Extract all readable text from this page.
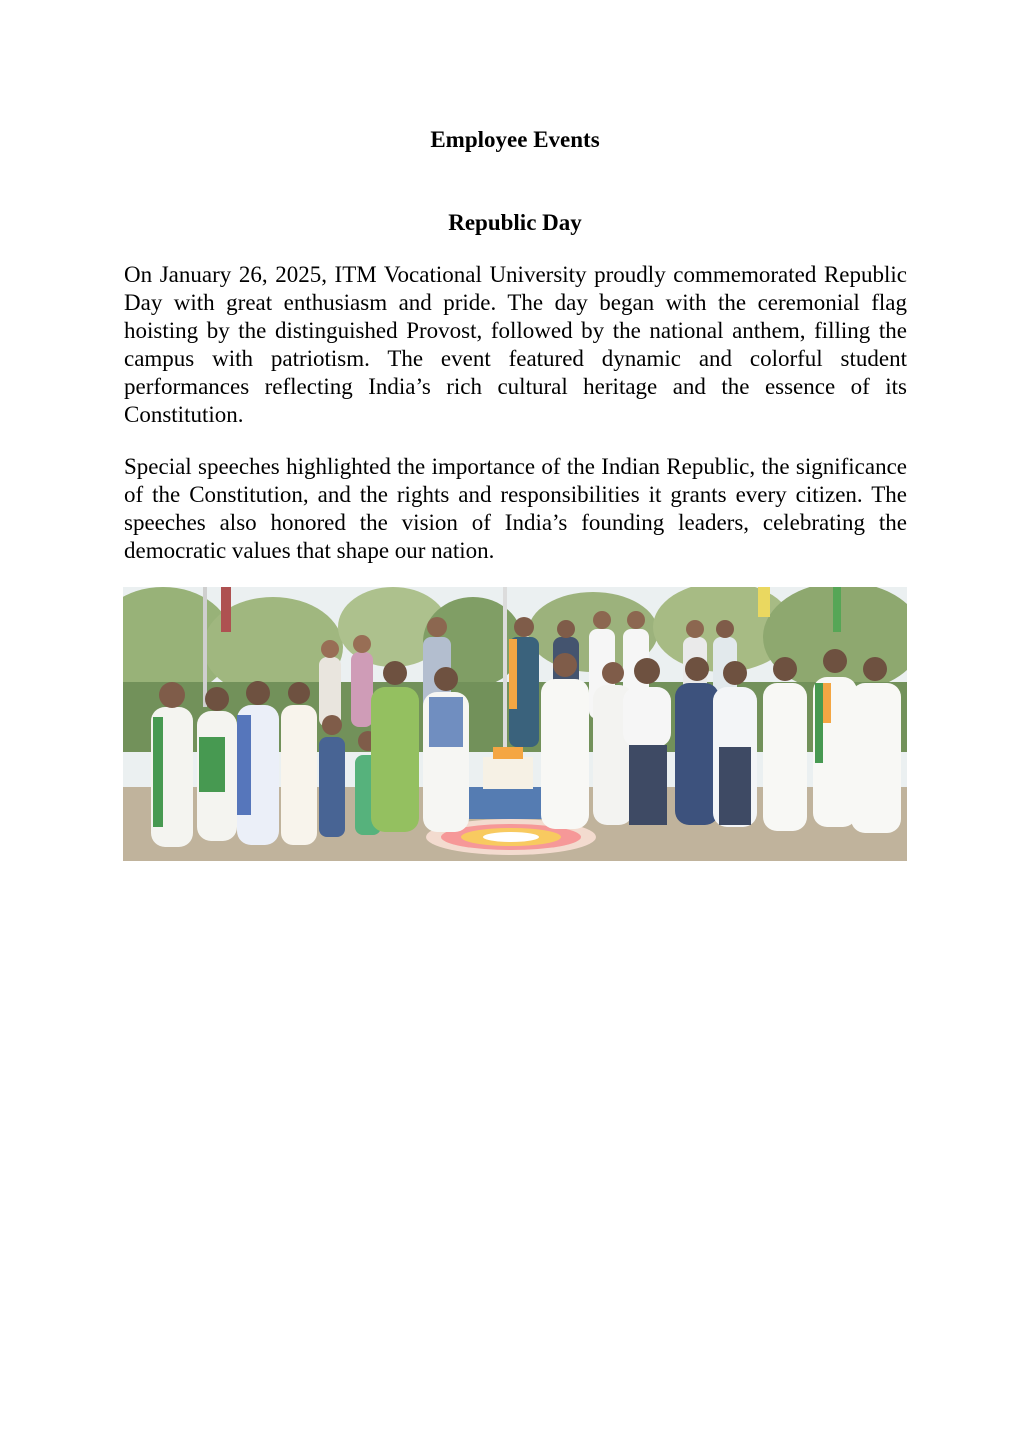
Employee Events
Republic Day

On January 26, 2025, ITM Vocational University proudly commemorated Republic Day with great enthusiasm and pride. The day began with the ceremonial flag hoisting by the distinguished Provost, followed by the national anthem, filling the campus with patriotism. The event featured dynamic and colorful student performances reflecting India’s rich cultural heritage and the essence of its Constitution.

Special speeches highlighted the importance of the Indian Republic, the significance of the Constitution, and the rights and responsibilities it grants every citizen. The speeches also honored the vision of India’s founding leaders, celebrating the democratic values that shape our nation.
